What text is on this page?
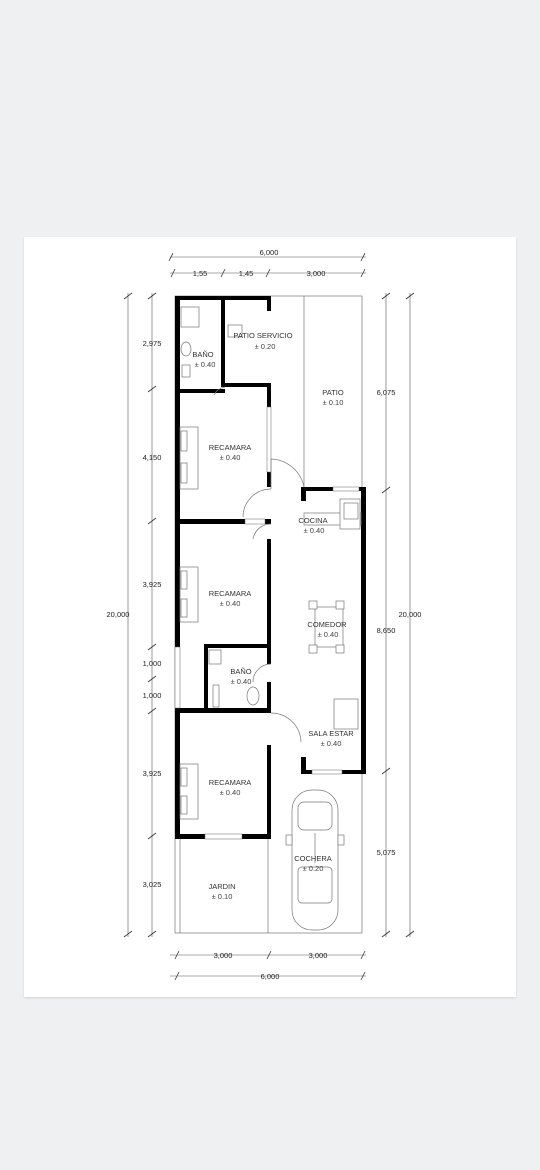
6,000
1,55	1,45	3,000
20,000
2,975
4,150
3,925
1,000
1,000
3,925
3,025
6,075
8,650
5,075
20,000
3,000	3,000
6,000
PATIO SERVICIO
± 0.20
BAÑO
± 0.40
PATIO
± 0.10
RECAMARA
± 0.40
COCINA
± 0.40
RECAMARA
± 0.40
COMEDOR
± 0.40
BAÑO
± 0.40
SALA ESTAR
± 0.40
RECAMARA
± 0.40
COCHERA
± 0.20
JARDIN
± 0.10
